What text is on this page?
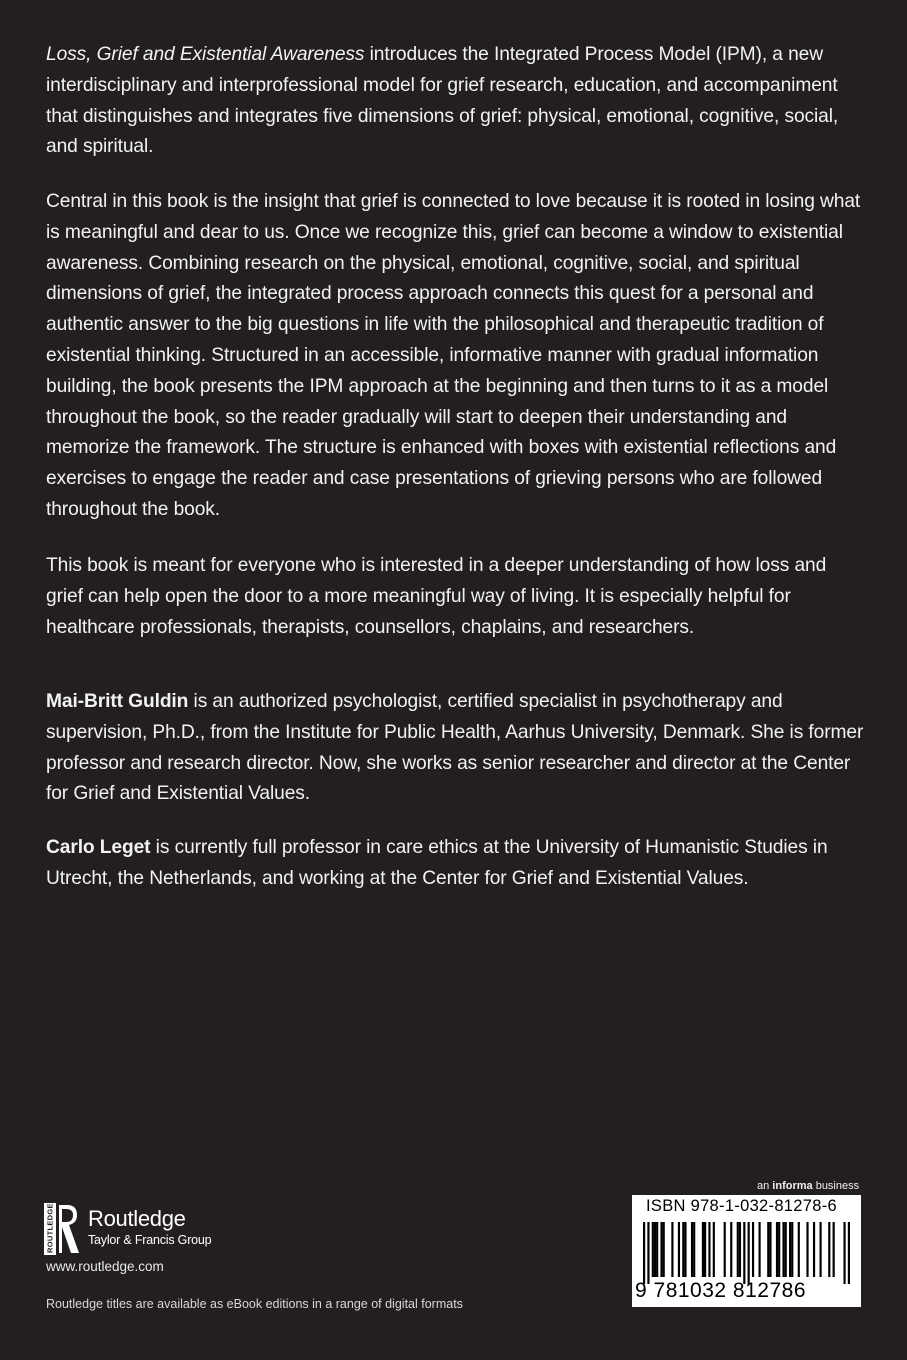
Loss, Grief and Existential Awareness introduces the Integrated Process Model (IPM), a new interdisciplinary and interprofessional model for grief research, education, and accompaniment that distinguishes and integrates five dimensions of grief: physical, emotional, cognitive, social, and spiritual.

Central in this book is the insight that grief is connected to love because it is rooted in losing what is meaningful and dear to us. Once we recognize this, grief can become a window to existential awareness. Combining research on the physical, emotional, cognitive, social, and spiritual dimensions of grief, the integrated process approach connects this quest for a personal and authentic answer to the big questions in life with the philosophical and therapeutic tradition of existential thinking. Structured in an accessible, informative manner with gradual information building, the book presents the IPM approach at the beginning and then turns to it as a model throughout the book, so the reader gradually will start to deepen their understanding and memorize the framework. The structure is enhanced with boxes with existential reflections and exercises to engage the reader and case presentations of grieving persons who are followed throughout the book.

This book is meant for everyone who is interested in a deeper understanding of how loss and grief can help open the door to a more meaningful way of living. It is especially helpful for healthcare professionals, therapists, counsellors, chaplains, and researchers.

Mai-Britt Guldin is an authorized psychologist, certified specialist in psychotherapy and supervision, Ph.D., from the Institute for Public Health, Aarhus University, Denmark. She is former professor and research director. Now, she works as senior researcher and director at the Center for Grief and Existential Values.

Carlo Leget is currently full professor in care ethics at the University of Humanistic Studies in Utrecht, the Netherlands, and working at the Center for Grief and Existential Values.

ROUTLEDGE Routledge
Taylor & Francis Group
www.routledge.com
Routledge titles are available as eBook editions in a range of digital formats
an informa business
ISBN 978-1-032-81278-6
9 781032 812786
